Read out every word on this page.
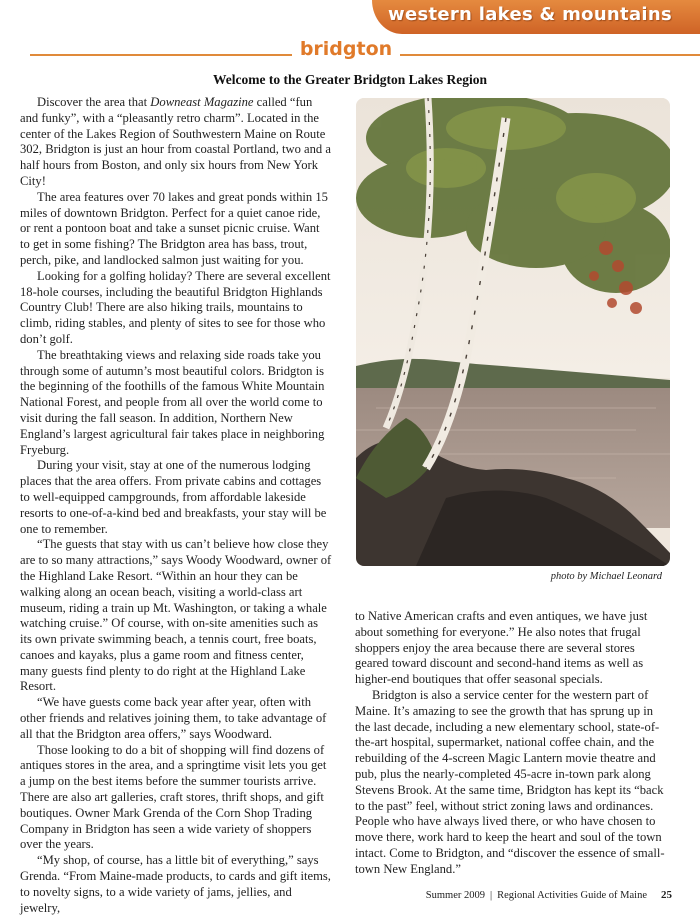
western lakes & mountains
bridgton
Welcome to the Greater Bridgton Lakes Region

Discover the area that Downeast Magazine called “fun and funky”, with a “pleasantly retro charm”. Located in the center of the Lakes Region of Southwestern Maine on Route 302, Bridgton is just an hour from coastal Portland, two and a half hours from Boston, and only six hours from New York City!

The area features over 70 lakes and great ponds within 15 miles of downtown Bridgton. Perfect for a quiet canoe ride, or rent a pontoon boat and take a sunset picnic cruise. Want to get in some fishing? The Bridgton area has bass, trout, perch, pike, and landlocked salmon just waiting for you.

Looking for a golfing holiday? There are several excellent 18-hole courses, including the beautiful Bridgton Highlands Country Club! There are also hiking trails, mountains to climb, riding stables, and plenty of sites to see for those who don’t golf.

The breathtaking views and relaxing side roads take you through some of autumn’s most beautiful colors. Bridgton is the beginning of the foothills of the famous White Mountain National Forest, and people from all over the world come to visit during the fall season. In addition, Northern New England’s largest agricultural fair takes place in neighboring Fryeburg.

During your visit, stay at one of the numerous lodging places that the area offers. From private cabins and cottages to well-equipped campgrounds, from affordable lakeside resorts to one-of-a-kind bed and breakfasts, your stay will be one to remember.

“The guests that stay with us can’t believe how close they are to so many attractions,” says Woody Woodward, owner of the Highland Lake Resort. “Within an hour they can be walking along an ocean beach, visiting a world-class art museum, riding a train up Mt. Washington, or taking a whale watching cruise.” Of course, with on-site amenities such as its own private swimming beach, a tennis court, free boats, canoes and kayaks, plus a game room and fitness center, many guests find plenty to do right at the Highland Lake Resort.

“We have guests come back year after year, often with other friends and relatives joining them, to take advantage of all that the Bridgton area offers,” says Woodward.

Those looking to do a bit of shopping will find dozens of antiques stores in the area, and a springtime visit lets you get a jump on the best items before the summer tourists arrive. There are also art galleries, craft stores, thrift shops, and gift boutiques. Owner Mark Grenda of the Corn Shop Trading Company in Bridgton has seen a wide variety of shoppers over the years.

“My shop, of course, has a little bit of everything,” says Grenda. “From Maine-made products, to cards and gift items, to novelty signs, to a wide variety of jams, jellies, and jewelry,

photo by Michael Leonard

to Native American crafts and even antiques, we have just about something for everyone.” He also notes that frugal shoppers enjoy the area because there are several stores geared toward discount and second-hand items as well as higher-end boutiques that offer seasonal specials.

Bridgton is also a service center for the western part of Maine. It’s amazing to see the growth that has sprung up in the last decade, including a new elementary school, state-of-the-art hospital, supermarket, national coffee chain, and the rebuilding of the 4-screen Magic Lantern movie theatre and pub, plus the nearly-completed 45-acre in-town park along Stevens Brook. At the same time, Bridgton has kept its “back to the past” feel, without strict zoning laws and ordinances. People who have always lived there, or who have chosen to move there, work hard to keep the heart and soul of the town intact. Come to Bridgton, and “discover the essence of small-town New England.”

Summer 2009 | Regional Activities Guide of Maine 25
